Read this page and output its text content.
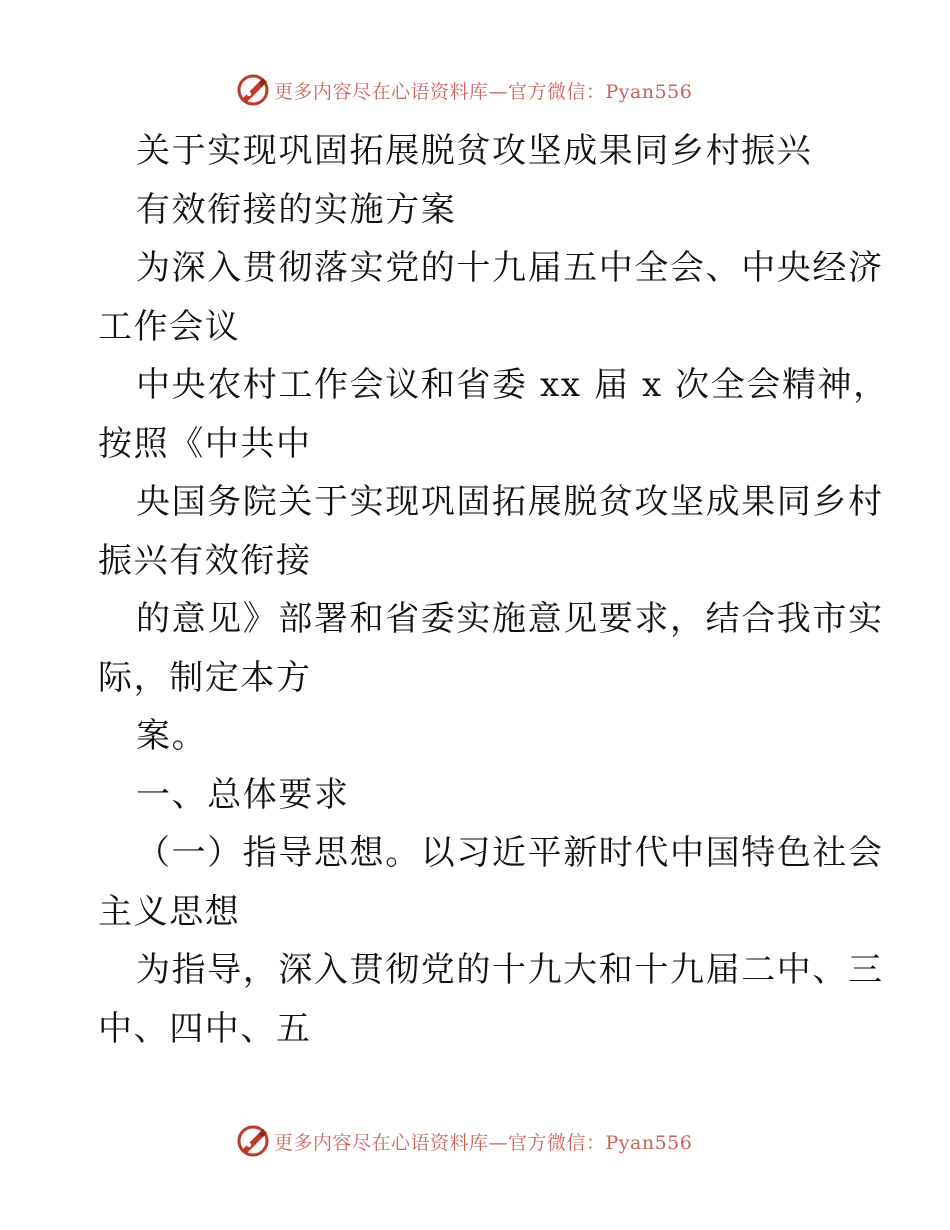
更多内容尽在心语资料库—官方微信：Pyan556
关于实现巩固拓展脱贫攻坚成果同乡村振兴
有效衔接的实施方案
为深入贯彻落实党的十九届五中全会、中央经济
工作会议
中央农村工作会议和省委 xx 届 x 次全会精神，
按照《中共中
央国务院关于实现巩固拓展脱贫攻坚成果同乡村
振兴有效衔接
的意见》部署和省委实施意见要求，结合我市实
际，制定本方
案。
一、总体要求
（一）指导思想。以习近平新时代中国特色社会
主义思想
为指导，深入贯彻党的十九大和十九届二中、三
中、四中、五
更多内容尽在心语资料库—官方微信：Pyan556
